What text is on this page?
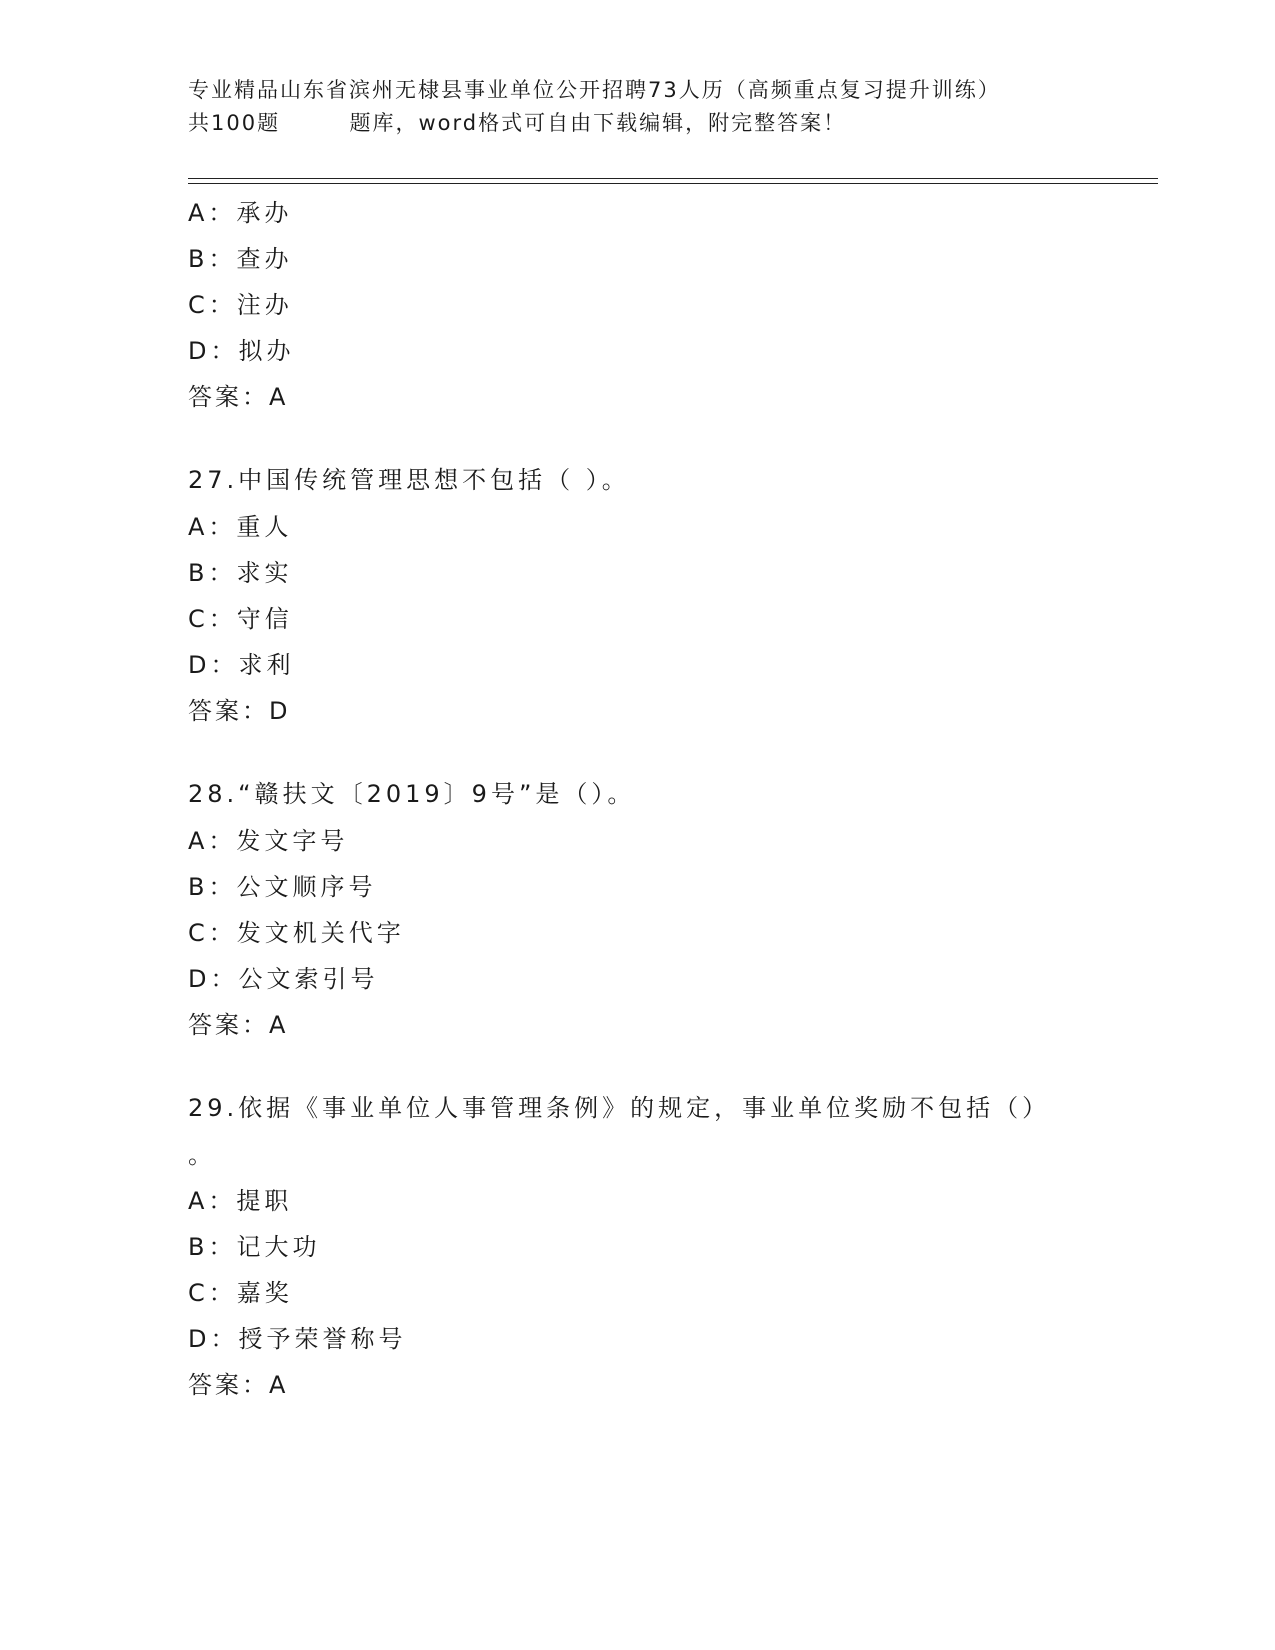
专业精品山东省滨州无棣县事业单位公开招聘73人历（高频重点复习提升训练）
共100题        题库，word格式可自由下载编辑，附完整答案！
A：承办
B：查办
C：注办
D：拟办
答案：A
27.中国传统管理思想不包括（ ）。
A：重人
B：求实
C：守信
D：求利
答案：D
28.“赣扶文〔2019〕9号”是（）。
A：发文字号
B：公文顺序号
C：发文机关代字
D：公文索引号
答案：A
29.依据《事业单位人事管理条例》的规定，事业单位奖励不包括（）
。
A：提职
B：记大功
C：嘉奖
D：授予荣誉称号
答案：A
